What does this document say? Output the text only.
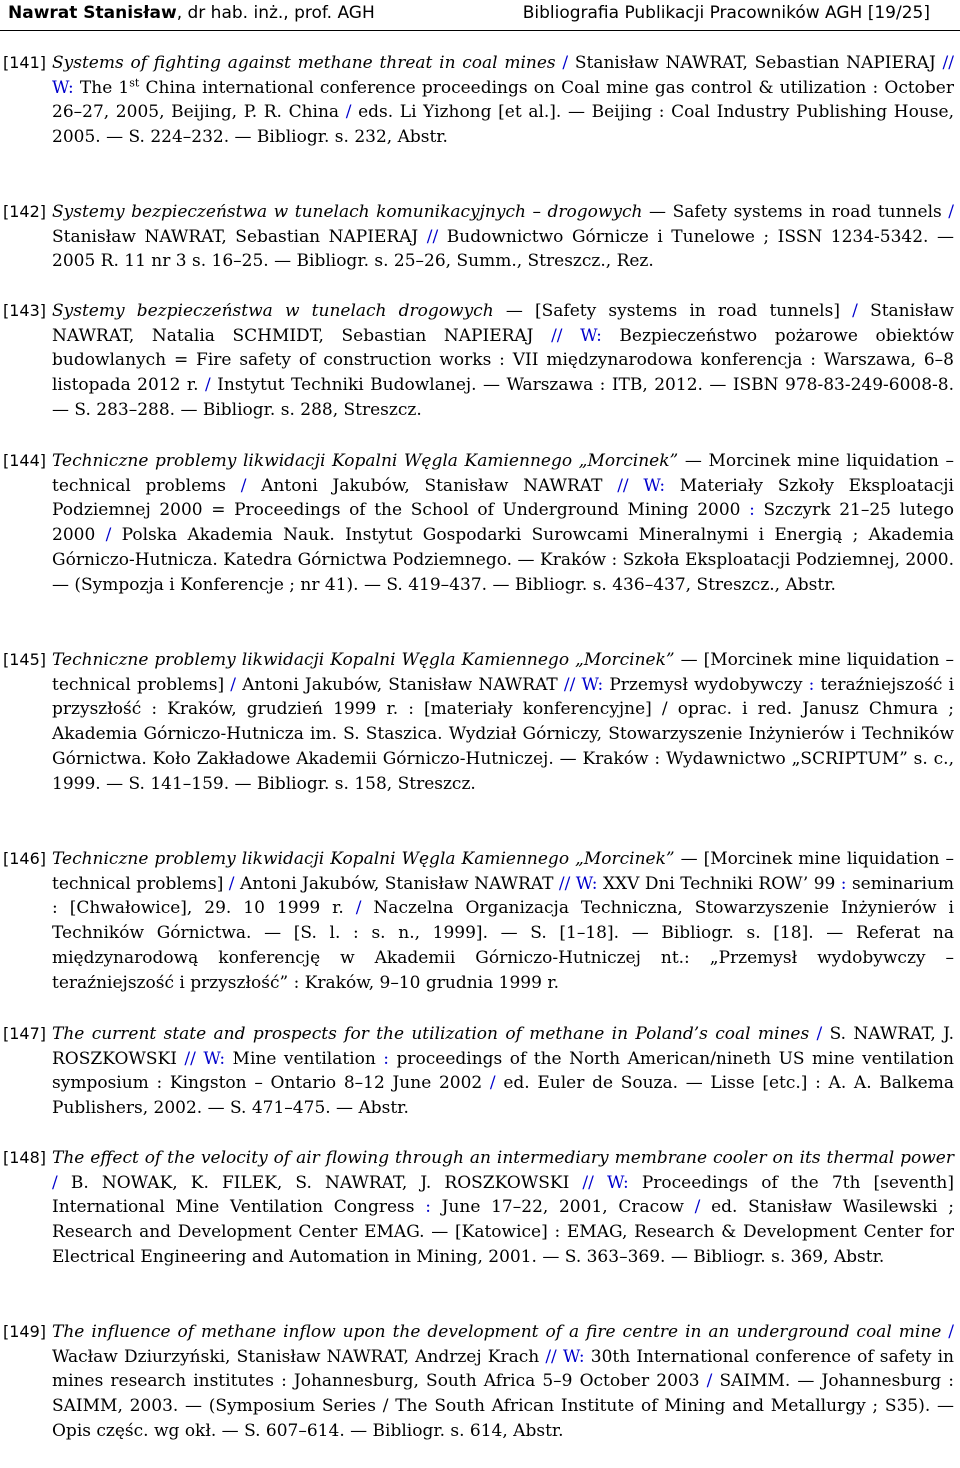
Nawrat Stanisław, dr hab. inż., prof. AGH	Bibliografia Publikacji Pracowników AGH [19/25]
[141] Systems of fighting against methane threat in coal mines / Stanisław NAWRAT, Sebastian NAPIERAJ // W: The 1st China international conference proceedings on Coal mine gas control & utilization : October 26–27, 2005, Beijing, P. R. China / eds. Li Yizhong [et al.]. — Beijing : Coal Industry Publishing House, 2005. — S. 224–232. — Bibliogr. s. 232, Abstr.
[142] Systemy bezpieczeństwa w tunelach komunikacyjnych – drogowych — Safety systems in road tunnels / Stanisław NAWRAT, Sebastian NAPIERAJ // Budownictwo Górnicze i Tunelowe ; ISSN 1234-5342. — 2005 R. 11 nr 3 s. 16–25. — Bibliogr. s. 25–26, Summ., Streszcz., Rez.
[143] Systemy bezpieczeństwa w tunelach drogowych — [Safety systems in road tunnels] / Stanisław NAWRAT, Natalia SCHMIDT, Sebastian NAPIERAJ // W: Bezpieczeństwo pożarowe obiektów budowlanych = Fire safety of construction works : VII międzynarodowa konferencja : Warszawa, 6–8 listopada 2012 r. / Instytut Techniki Budowlanej. — Warszawa : ITB, 2012. — ISBN 978-83-249-6008-8. — S. 283–288. — Bibliogr. s. 288, Streszcz.
[144] Techniczne problemy likwidacji Kopalni Węgla Kamiennego „Morcinek” — Morcinek mine liquidation – technical problems / Antoni Jakubów, Stanisław NAWRAT // W: Materiały Szkoły Eksploatacji Podziemnej 2000 = Proceedings of the School of Underground Mining 2000 : Szczyrk 21–25 lutego 2000 / Polska Akademia Nauk. Instytut Gospodarki Surowcami Mineralnymi i Energią ; Akademia Górniczo-Hutnicza. Katedra Górnictwa Podziemnego. — Kraków : Szkoła Eksploatacji Podziemnej, 2000. — (Sympozja i Konferencje ; nr 41). — S. 419–437. — Bibliogr. s. 436–437, Streszcz., Abstr.
[145] Techniczne problemy likwidacji Kopalni Węgla Kamiennego „Morcinek” — [Morcinek mine liquidation – technical problems] / Antoni Jakubów, Stanisław NAWRAT // W: Przemysł wydobywczy : teraźniejszość i przyszłość : Kraków, grudzień 1999 r. : [materiały konferencyjne] / oprac. i red. Janusz Chmura ; Akademia Górniczo-Hutnicza im. S. Staszica. Wydział Górniczy, Stowarzyszenie Inżynierów i Techników Górnictwa. Koło Zakładowe Akademii Górniczo-Hutniczej. — Kraków : Wydawnictwo „SCRIPTUM” s. c., 1999. — S. 141–159. — Bibliogr. s. 158, Streszcz.
[146] Techniczne problemy likwidacji Kopalni Węgla Kamiennego „Morcinek” — [Morcinek mine liquidation – technical problems] / Antoni Jakubów, Stanisław NAWRAT // W: XXV Dni Techniki ROW’ 99 : seminarium : [Chwałowice], 29. 10 1999 r. / Naczelna Organizacja Techniczna, Stowarzyszenie Inżynierów i Techników Górnictwa. — [S. l. : s. n., 1999]. — S. [1–18]. — Bibliogr. s. [18]. — Referat na międzynarodową konferencję w Akademii Górniczo-Hutniczej nt.: „Przemysł wydobywczy – teraźniejszość i przyszłość” : Kraków, 9–10 grudnia 1999 r.
[147] The current state and prospects for the utilization of methane in Poland’s coal mines / S. NAWRAT, J. ROSZKOWSKI // W: Mine ventilation : proceedings of the North American/nineth US mine ventilation symposium : Kingston – Ontario 8–12 June 2002 / ed. Euler de Souza. — Lisse [etc.] : A. A. Balkema Publishers, 2002. — S. 471–475. — Abstr.
[148] The effect of the velocity of air flowing through an intermediary membrane cooler on its thermal power / B. NOWAK, K. FILEK, S. NAWRAT, J. ROSZKOWSKI // W: Proceedings of the 7th [seventh] International Mine Ventilation Congress : June 17–22, 2001, Cracow / ed. Stanisław Wasilewski ; Research and Development Center EMAG. — [Katowice] : EMAG, Research & Development Center for Electrical Engineering and Automation in Mining, 2001. — S. 363–369. — Bibliogr. s. 369, Abstr.
[149] The influence of methane inflow upon the development of a fire centre in an underground coal mine / Wacław Dziurzyński, Stanisław NAWRAT, Andrzej Krach // W: 30th International conference of safety in mines research institutes : Johannesburg, South Africa 5–9 October 2003 / SAIMM. — Johannesburg : SAIMM, 2003. — (Symposium Series / The South African Institute of Mining and Metallurgy ; S35). — Opis częśc. wg okł. — S. 607–614. — Bibliogr. s. 614, Abstr.
